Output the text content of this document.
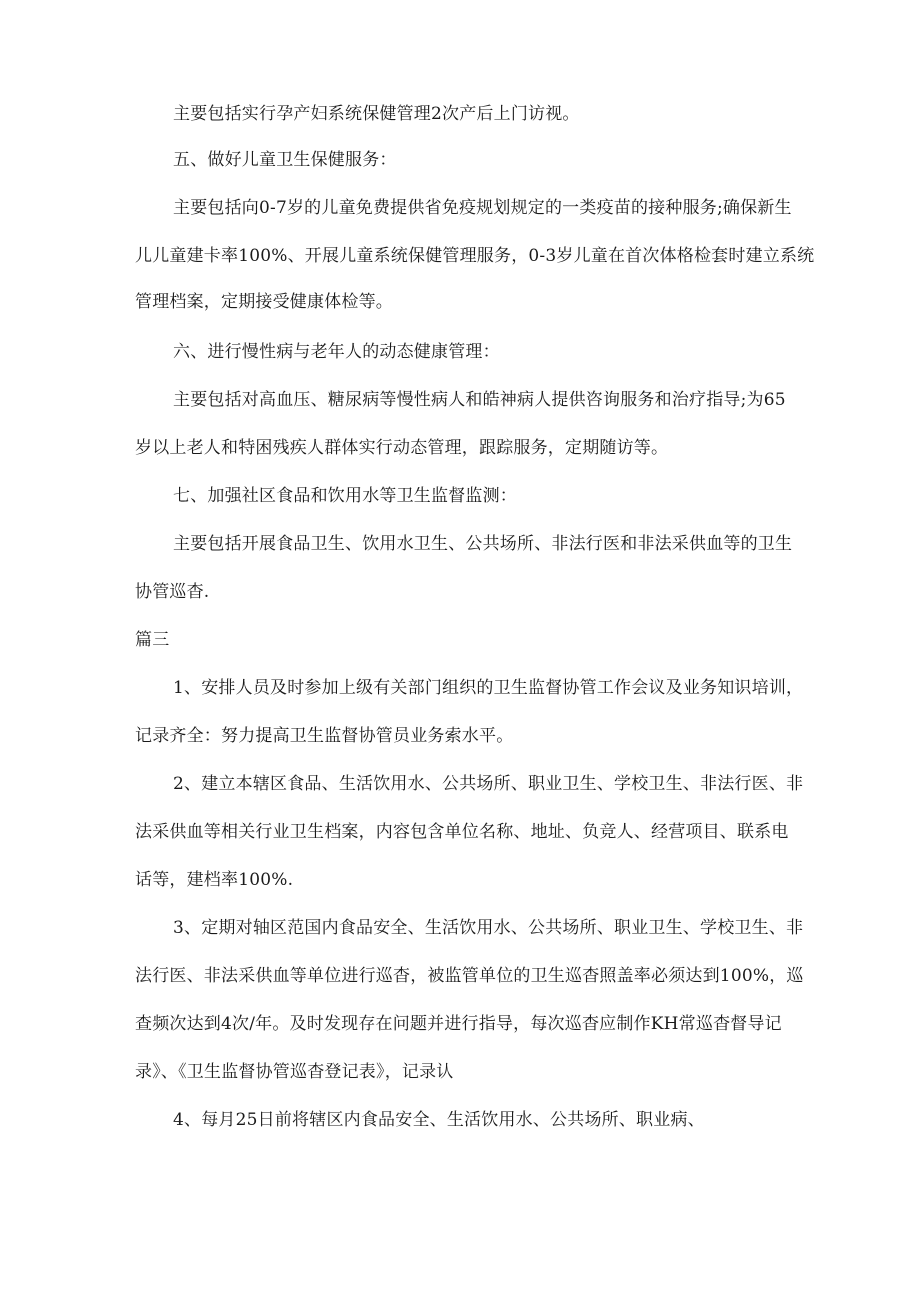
主要包括实行孕产妇系统保健管理2次产后上门访视。
五、做好儿童卫生保健服务：
主要包括向0-7岁的儿童免费提供省免疫规划规定的一类疫苗的接种服务;确保新生
儿儿童建卡率100%、开展儿童系统保健管理服务，0-3岁儿童在首次体格检套时建立系统
管理档案，定期接受健康体检等。
六、进行慢性病与老年人的动态健康管理：
主要包括对高血压、糖尿病等慢性病人和皓神病人提供咨询服务和治疗指导;为65
岁以上老人和特困残疾人群体实行动态管理，跟踪服务，定期随访等。
七、加强社区食品和饮用水等卫生监督监测：
主要包括开展食品卫生、饮用水卫生、公共场所、非法行医和非法采供血等的卫生
协管巡杳.
篇三
1、安排人员及时参加上级有关部门组织的卫生监督协管工作会议及业务知识培训，
记录齐全：努力提高卫生监督协管员业务索水平。
2、建立本辖区食品、生活饮用水、公共场所、职业卫生、学校卫生、非法行医、非
法采供血等相关行业卫生档案，内容包含单位名称、地址、负竞人、经营项目、联系电
话等，建档率100%.
3、定期对轴区范国内食品安全、生活饮用水、公共场所、职业卫生、学校卫生、非
法行医、非法采供血等单位进行巡杳，被监管单位的卫生巡杳照盖率必须达到100%，巡
查频次达到4次/年。及时发现存在问题并进行指导，每次巡杳应制作KH常巡杳督导记
录》、《卫生监督协管巡杳登记表》，记录认
4、每月25日前将辖区内食品安全、生活饮用水、公共场所、职业病、
